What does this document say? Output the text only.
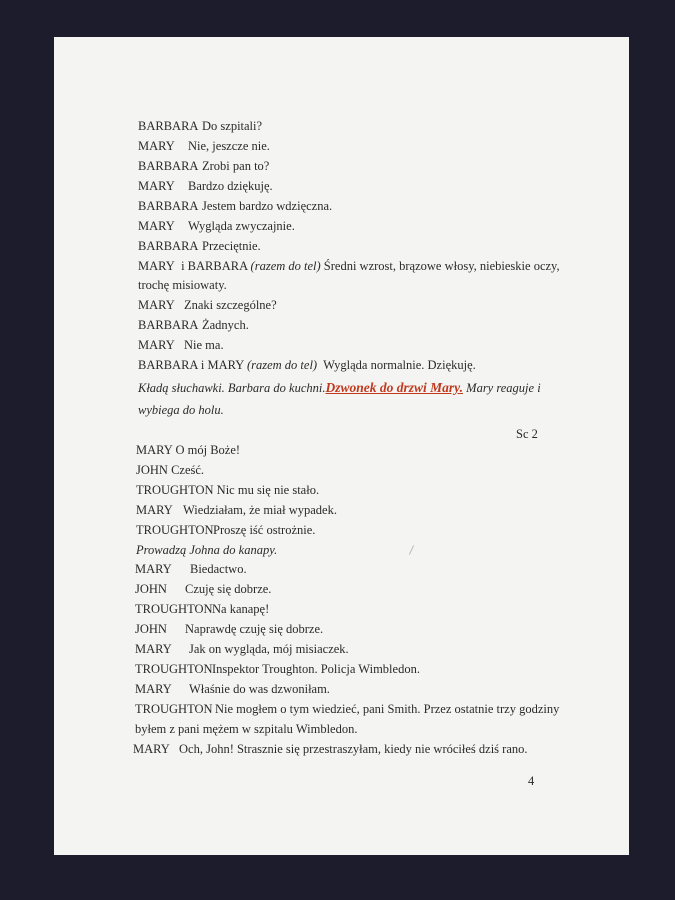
BARBARA Do szpitali?
MARY Nie, jeszcze nie.
BARBARA Zrobi pan to?
MARY Bardzo dziękuję.
BARBARA Jestem bardzo wdzięczna.
MARY Wygląda zwyczajnie.
BARBARA Przeciętnie.
MARY i BARBARA (razem do tel) Średni wzrost, brązowe włosy, niebieskie oczy,
trochę misiowaty.
MARY Znaki szczególne?
BARBARA Żadnych.
MARY Nie ma.
BARBARA i MARY (razem do tel) Wygląda normalnie. Dziękuję.
Kładą słuchawki. Barbara do kuchni.Dzwonek do drzwi Mary. Mary reaguje i
wybiega do holu.
Sc 2
MARY O mój Boże!
JOHN Cześć.
TROUGHTON Nic mu się nie stało.
MARY Wiedziałam, że miał wypadek.
TROUGHTONProszę iść ostrożnie.
Prowadzą Johna do kanapy.
MARY Biedactwo.
JOHN Czuję się dobrze.
TROUGHTONNa kanapę!
JOHN Naprawdę czuję się dobrze.
MARY Jak on wygląda, mój misiaczek.
TROUGHTONInspektor Troughton. Policja Wimbledon.
MARY Właśnie do was dzwoniłam.
TROUGHTON Nie mogłem o tym wiedzieć, pani Smith. Przez ostatnie trzy godziny
byłem z pani mężem w szpitalu Wimbledon.
MARY Och, John! Strasznie się przestraszyłam, kiedy nie wróciłeś dziś rano.
4
